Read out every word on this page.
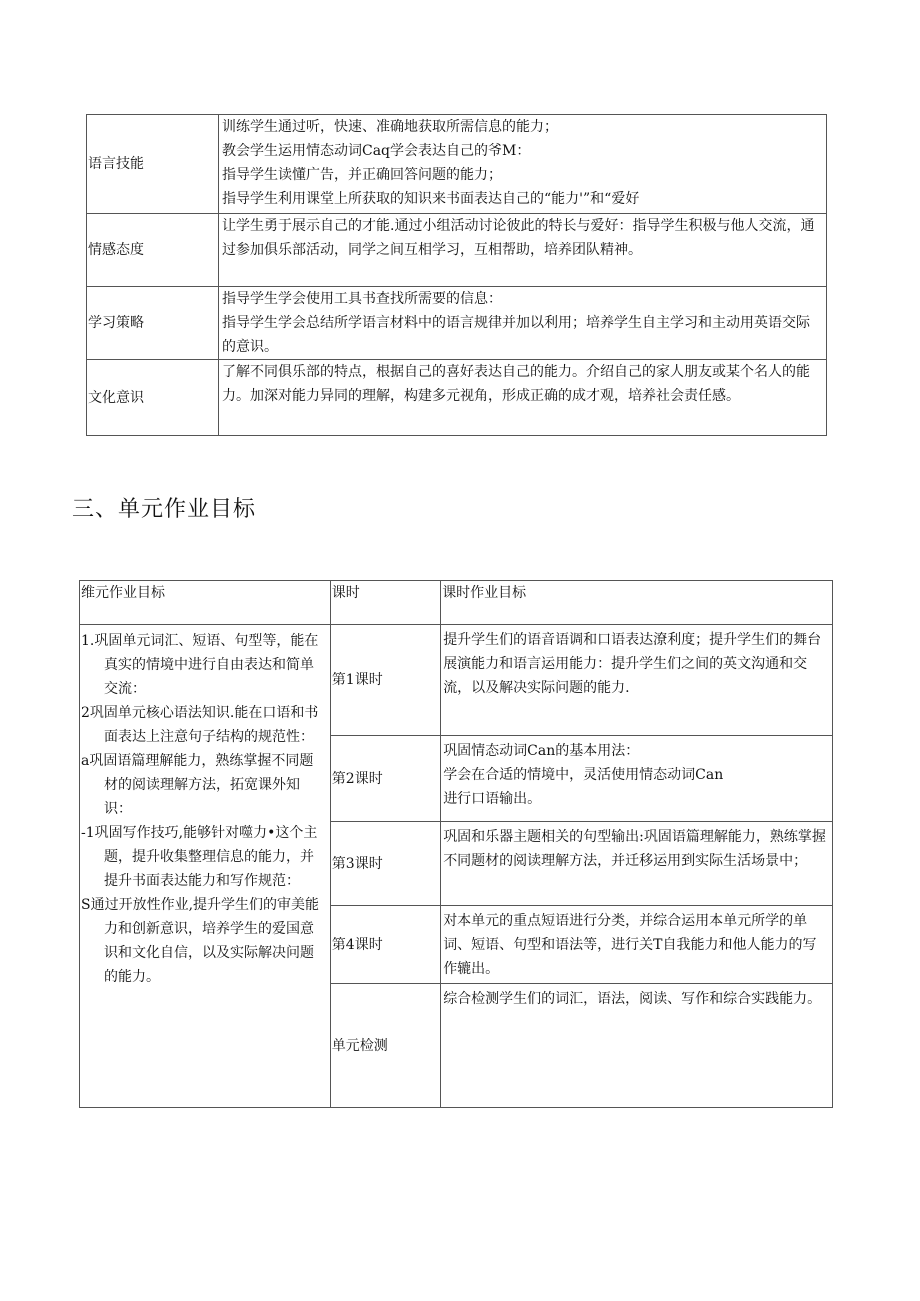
语言技能	训练学生通过听，快速、准确地获取所需信息的能力；
教会学生运用情态动词Caq学会表达自己的爷M：
指导学生读懂广告，并正确回答问题的能力；
指导学生利用课堂上所获取的知识来书面表达自己的“能力'”和“爱好

情感态度	让学生勇于展示自己的才能.通过小组活动讨论彼此的特长与爱好：指导学生积极与他人交流，通过参加俱乐部活动，同学之间互相学习，互相帮助，培养团队精神。

学习策略	指导学生学会使用工具书查找所需要的信息：
指导学生学会总结所学语言材料中的语言规律并加以利用；培养学生自主学习和主动用英语交际的意识。

文化意识	了解不同俱乐部的特点，根据自己的喜好表达自己的能力。介绍自己的家人朋友或某个名人的能力。加深对能力异同的理解，构建多元视角，形成正确的成才观，培养社会责任感。
三、单元作业目标
维元作业目标	课时	课时作业目标

1.巩固单元词汇、短语、句型等，能在真实的情境中进行自由表达和简单交流：
2巩固单元核心语法知识.能在口语和书面表达上注意句子结构的规范性：
a巩固语篇理解能力，熟练掌握不同题材的阅读理解方法，拓宽课外知识：
-1巩固写作技巧,能够针对噬力•这个主题，提升收集整理信息的能力，并提升书面表达能力和写作规范：
S通过开放性作业,提升学生们的审美能力和创新意识，培养学生的爱国意识和文化自信，以及实际解决问题的能力。	第1课时	提升学生们的语音语调和口语表达潦利度；提升学生们的舞台展演能力和语言运用能力：提升学生们之间的英文沟通和交流，以及解决实际问题的能力.
	第2课时	巩固情态动词Can的基本用法：
学会在合适的情境中，灵活使用情态动词Can
进行口语输出。

	第3课时	巩固和乐器主题相关的句型输出:巩固语篇理解能力，熟练掌握不同题材的阅读理解方法，并迁移运用到实际生活场景中；
	第4课时	对本单元的重点短语进行分类，并综合运用本单元所学的单词、短语、句型和语法等，进行关T自我能力和他人能力的写作辘出。
	单元检测	综合检测学生们的词汇，语法，阅读、写作和综合实践能力。
